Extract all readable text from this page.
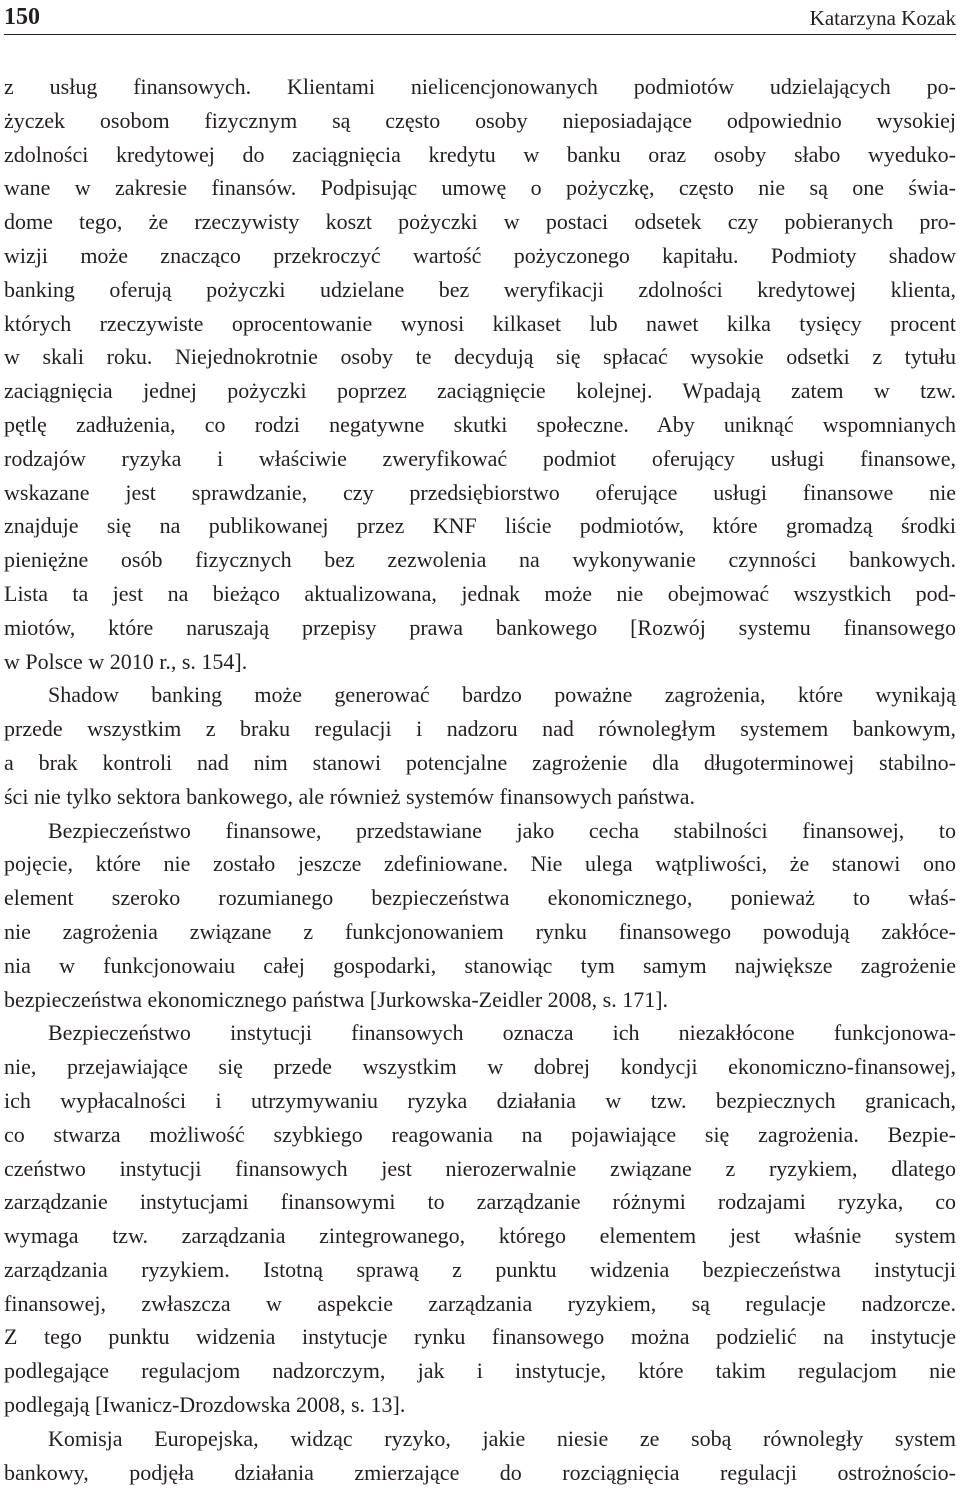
150	Katarzyna Kozak
z usług finansowych. Klientami nielicencjonowanych podmiotów udzielających po-
życzek osobom fizycznym są często osoby nieposiadające odpowiednio wysokiej
zdolności kredytowej do zaciągnięcia kredytu w banku oraz osoby słabo wyeduko-
wane w zakresie finansów. Podpisując umowę o pożyczkę, często nie są one świa-
dome tego, że rzeczywisty koszt pożyczki w postaci odsetek czy pobieranych pro-
wizji może znacząco przekroczyć wartość pożyczonego kapitału. Podmioty shadow
banking oferują pożyczki udzielane bez weryfikacji zdolności kredytowej klienta,
których rzeczywiste oprocentowanie wynosi kilkaset lub nawet kilka tysięcy procent
w skali roku. Niejednokrotnie osoby te decydują się spłacać wysokie odsetki z tytułu
zaciągnięcia jednej pożyczki poprzez zaciągnięcie kolejnej. Wpadają zatem w tzw.
pętlę zadłużenia, co rodzi negatywne skutki społeczne. Aby uniknąć wspomnianych
rodzajów ryzyka i właściwie zweryfikować podmiot oferujący usługi finansowe,
wskazane jest sprawdzanie, czy przedsiębiorstwo oferujące usługi finansowe nie
znajduje się na publikowanej przez KNF liście podmiotów, które gromadzą środki
pieniężne osób fizycznych bez zezwolenia na wykonywanie czynności bankowych.
Lista ta jest na bieżąco aktualizowana, jednak może nie obejmować wszystkich pod-
miotów, które naruszają przepisy prawa bankowego [Rozwój systemu finansowego
w Polsce w 2010 r., s. 154].
Shadow banking może generować bardzo poważne zagrożenia, które wynikają
przede wszystkim z braku regulacji i nadzoru nad równoległym systemem bankowym,
a brak kontroli nad nim stanowi potencjalne zagrożenie dla długoterminowej stabilno-
ści nie tylko sektora bankowego, ale również systemów finansowych państwa.
Bezpieczeństwo finansowe, przedstawiane jako cecha stabilności finansowej, to
pojęcie, które nie zostało jeszcze zdefiniowane. Nie ulega wątpliwości, że stanowi ono
element szeroko rozumianego bezpieczeństwa ekonomicznego, ponieważ to właś-
nie zagrożenia związane z funkcjonowaniem rynku finansowego powodują zakłóce-
nia w funkcjonowaiu całej gospodarki, stanowiąc tym samym największe zagrożenie
bezpieczeństwa ekonomicznego państwa [Jurkowska-Zeidler 2008, s. 171].
Bezpieczeństwo instytucji finansowych oznacza ich niezakłócone funkcjonowa-
nie, przejawiające się przede wszystkim w dobrej kondycji ekonomiczno-finansowej,
ich wypłacalności i utrzymywaniu ryzyka działania w tzw. bezpiecznych granicach,
co stwarza możliwość szybkiego reagowania na pojawiające się zagrożenia. Bezpie-
czeństwo instytucji finansowych jest nierozerwalnie związane z ryzykiem, dlatego
zarządzanie instytucjami finansowymi to zarządzanie różnymi rodzajami ryzyka, co
wymaga tzw. zarządzania zintegrowanego, którego elementem jest właśnie system
zarządzania ryzykiem. Istotną sprawą z punktu widzenia bezpieczeństwa instytucji
finansowej, zwłaszcza w aspekcie zarządzania ryzykiem, są regulacje nadzorcze.
Z tego punktu widzenia instytucje rynku finansowego można podzielić na instytucje
podlegające regulacjom nadzorczym, jak i instytucje, które takim regulacjom nie
podlegają [Iwanicz-Drozdowska 2008, s. 13].
Komisja Europejska, widząc ryzyko, jakie niesie ze sobą równoległy system
bankowy, podjęła działania zmierzające do rozciągnięcia regulacji ostrożnościo-
